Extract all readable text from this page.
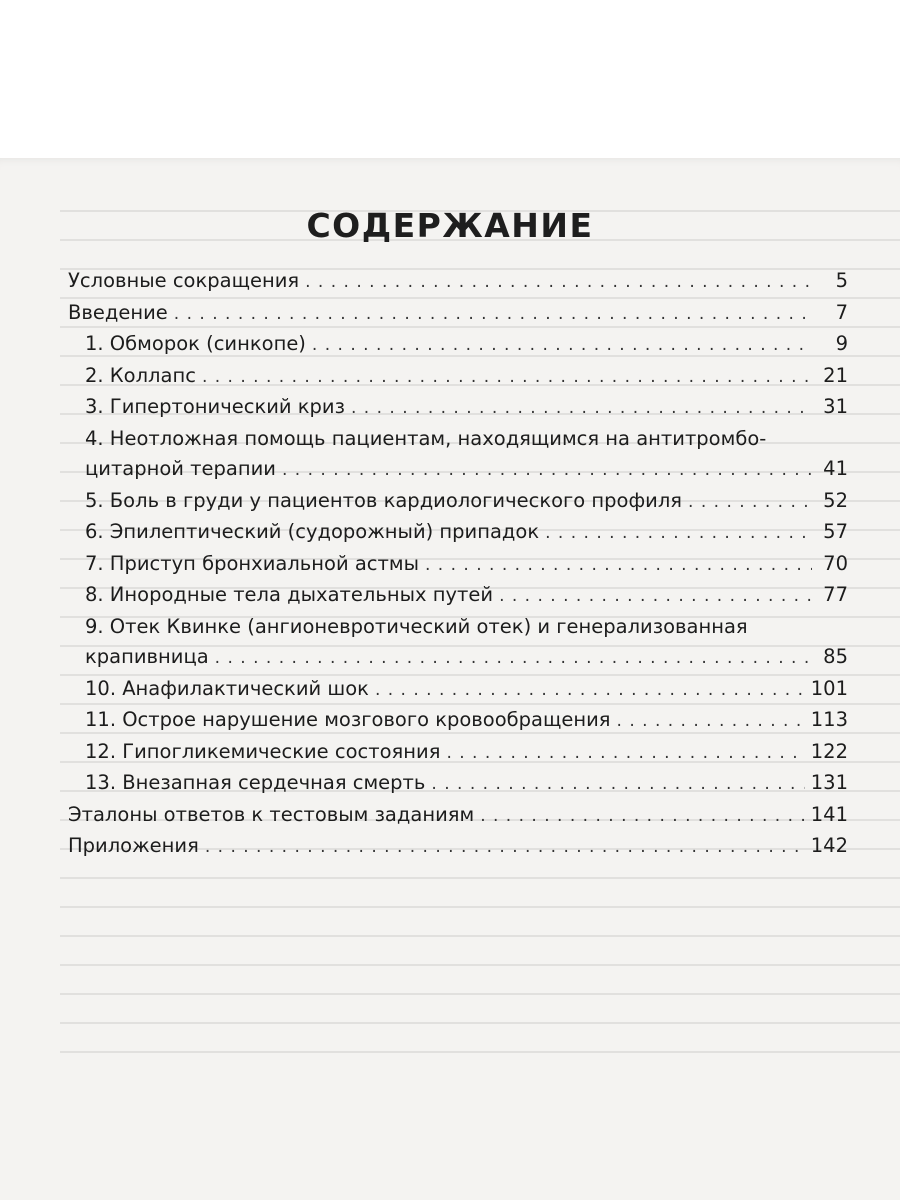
СОДЕРЖАНИЕ
Условные сокращения . . .	5
Введение . . .	7
1. Обморок (синкопе) . . .	9
2. Коллапс . . .	21
3. Гипертонический криз . . .	31
4. Неотложная помощь пациентам, находящимся на антитромбо-
цитарной терапии . . .	41
5. Боль в груди у пациентов кардиологического профиля . . .	52
6. Эпилептический (судорожный) припадок . . .	57
7. Приступ бронхиальной астмы . . .	70
8. Инородные тела дыхательных путей . . .	77
9. Отек Квинке (ангионевротический отек) и генерализованная
крапивница . . .	85
10. Анафилактический шок . . .	101
11. Острое нарушение мозгового кровообращения . . .	113
12. Гипогликемические состояния . . .	122
13. Внезапная сердечная смерть . . .	131
Эталоны ответов к тестовым заданиям . . .	141
Приложения . . .	142
